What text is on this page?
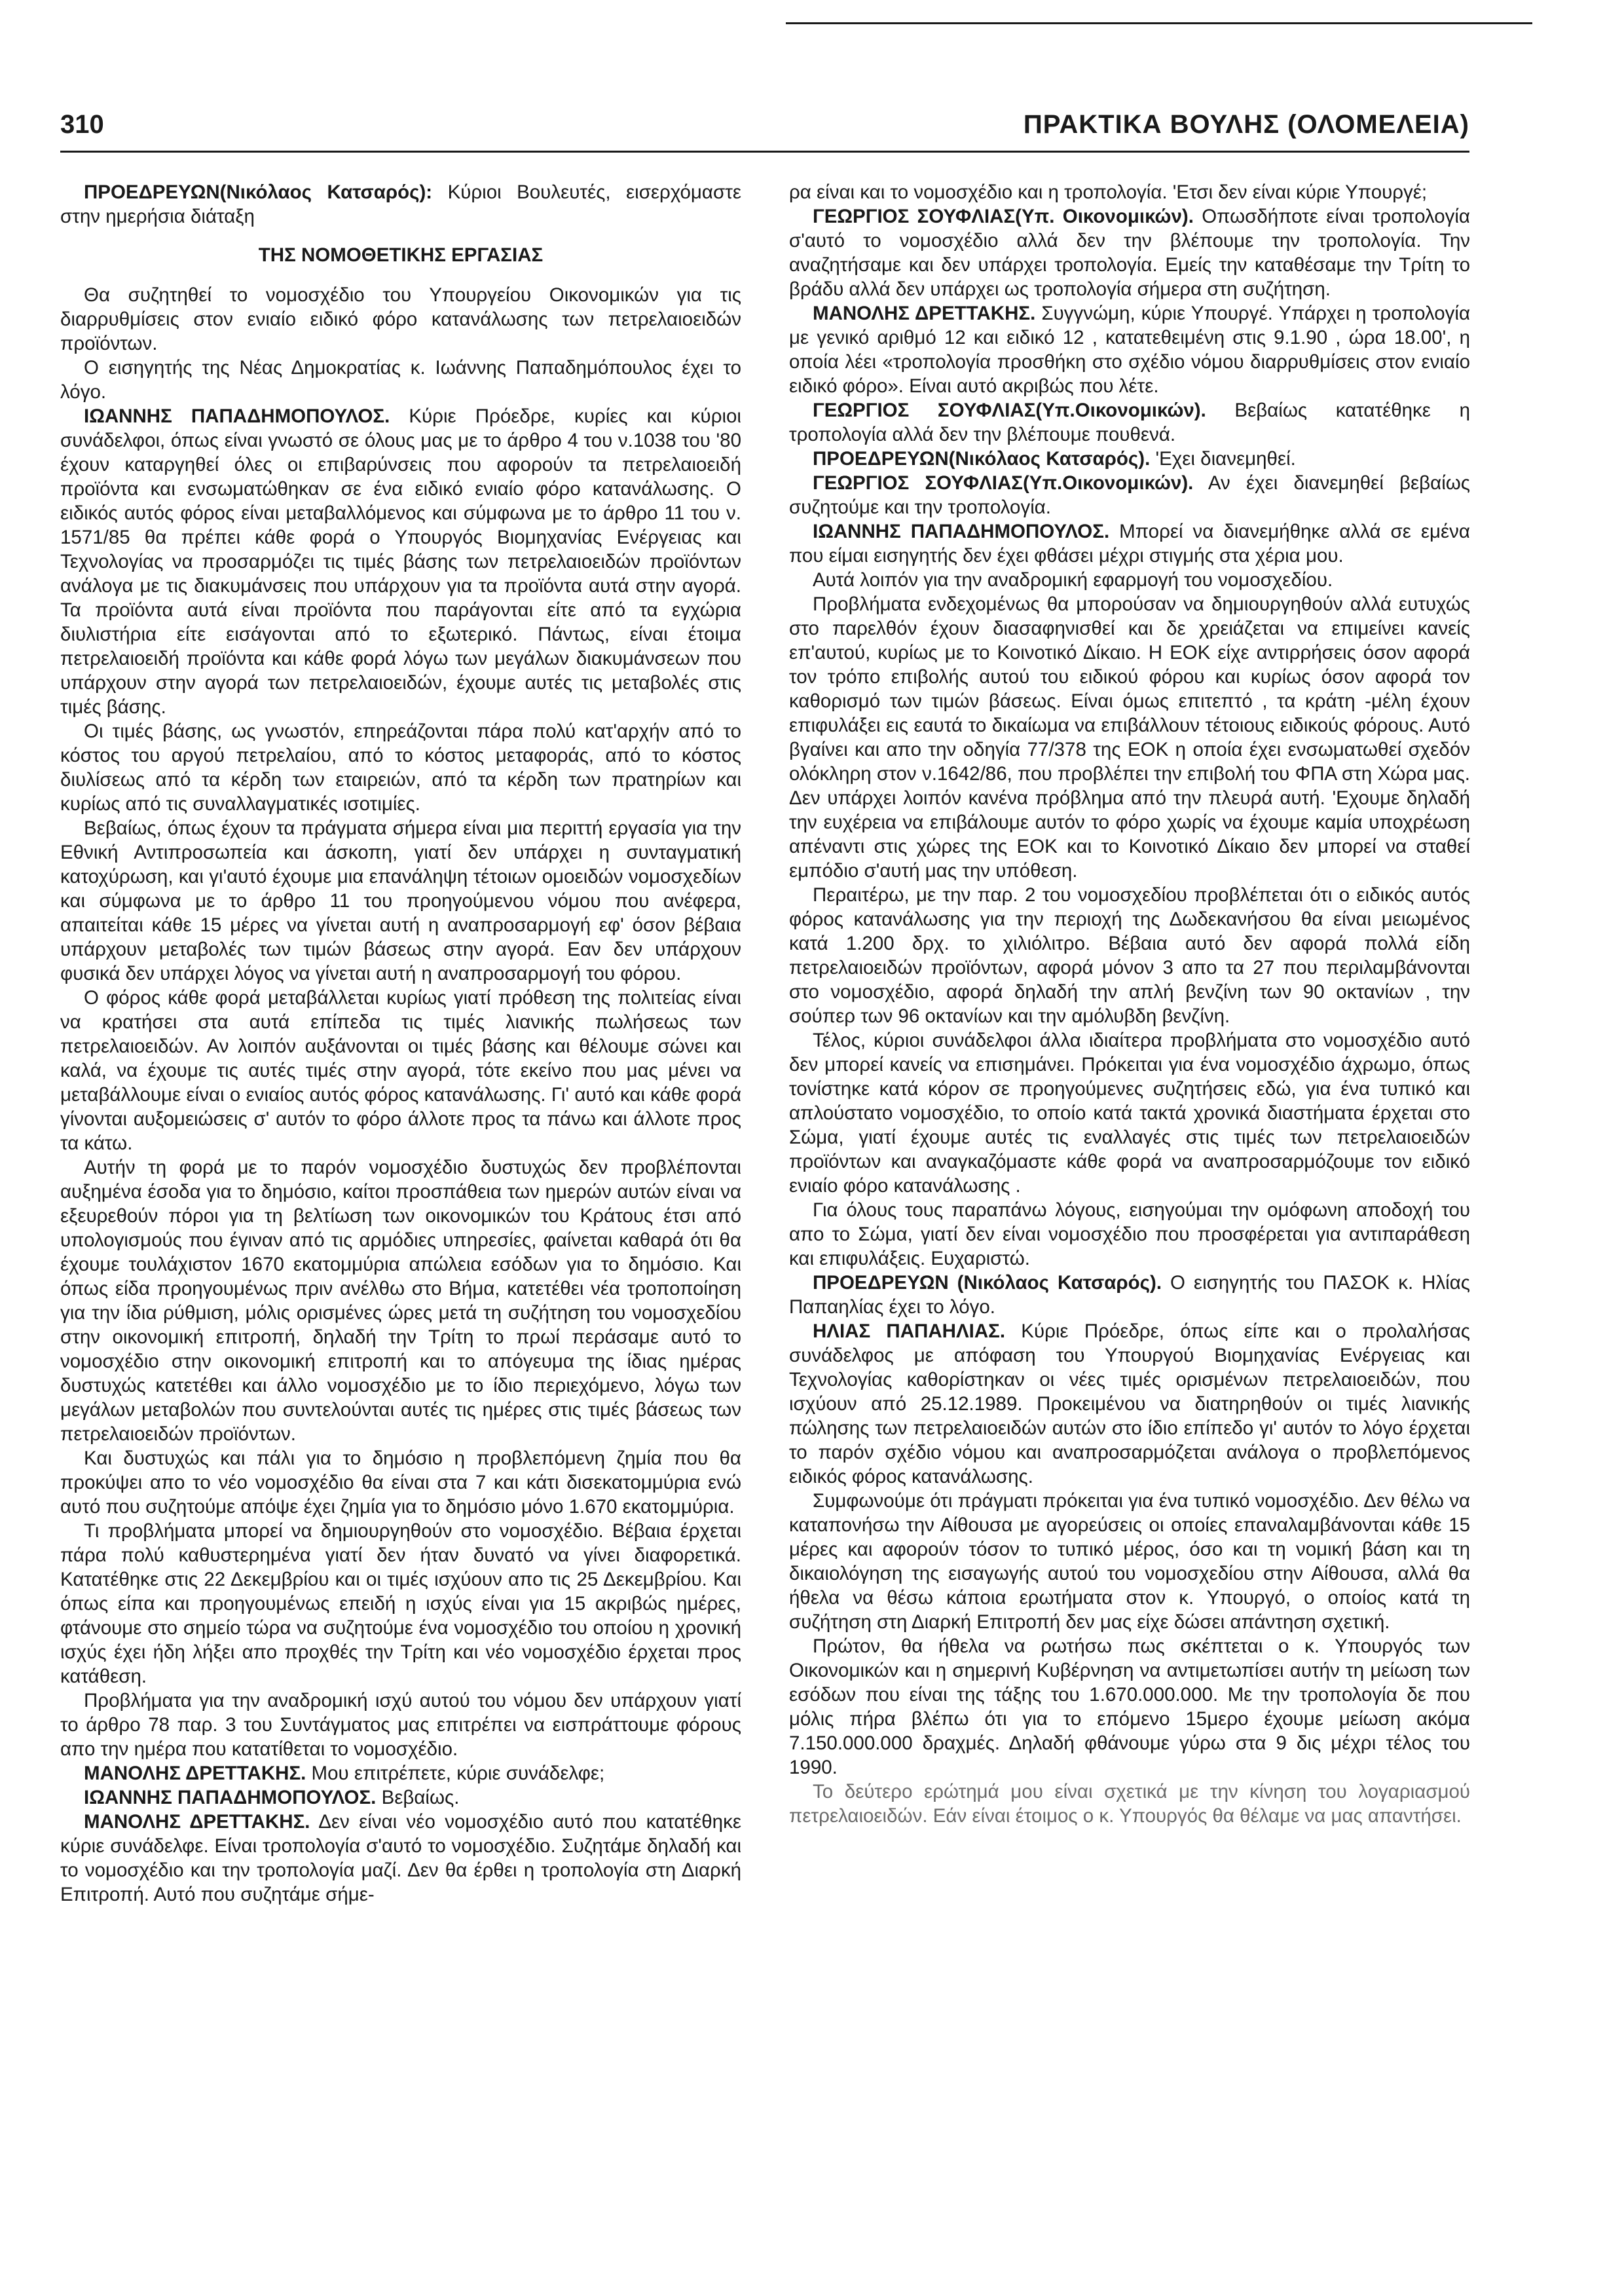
310	ΠΡΑΚΤΙΚΑ ΒΟΥΛΗΣ (ΟΛΟΜΕΛΕΙΑ)

ΠΡΟΕΔΡΕΥΩΝ(Νικόλαος Κατσαρός): Κύριοι Βουλευτές, εισερχόμαστε στην ημερήσια διάταξη

ΤΗΣ ΝΟΜΟΘΕΤΙΚΗΣ ΕΡΓΑΣΙΑΣ

Θα συζητηθεί το νομοσχέδιο του Υπουργείου Οικονομικών για τις διαρρυθμίσεις στον ενιαίο ειδικό φόρο κατανάλωσης των πετρελαιοειδών προϊόντων.

Ο εισηγητής της Νέας Δημοκρατίας κ. Ιωάννης Παπαδημόπουλος έχει το λόγο.

ΙΩΑΝΝΗΣ ΠΑΠΑΔΗΜΟΠΟΥΛΟΣ. Κύριε Πρόεδρε, κυρίες και κύριοι συνάδελφοι, όπως είναι γνωστό σε όλους μας με το άρθρο 4 του ν.1038 του '80 έχουν καταργηθεί όλες οι επιβαρύνσεις που αφορούν τα πετρελαιοειδή προϊόντα και ενσωματώθηκαν σε ένα ειδικό ενιαίο φόρο κατανάλωσης. Ο ειδικός αυτός φόρος είναι μεταβαλλόμενος και σύμφωνα με το άρθρο 11 του ν. 1571/85 θα πρέπει κάθε φορά ο Υπουργός Βιομηχανίας Ενέργειας και Τεχνολογίας να προσαρμόζει τις τιμές βάσης των πετρελαιοειδών προϊόντων ανάλογα με τις διακυμάνσεις που υπάρχουν για τα προϊόντα αυτά στην αγορά. Τα προϊόντα αυτά είναι προϊόντα που παράγονται είτε από τα εγχώρια διυλιστήρια είτε εισάγονται από το εξωτερικό. Πάντως, είναι έτοιμα πετρελαιοειδή προϊόντα και κάθε φορά λόγω των μεγάλων διακυμάνσεων που υπάρχουν στην αγορά των πετρελαιοειδών, έχουμε αυτές τις μεταβολές στις τιμές βάσης.

Οι τιμές βάσης, ως γνωστόν, επηρεάζονται πάρα πολύ κατ'αρχήν από το κόστος του αργού πετρελαίου, από το κόστος μεταφοράς, από το κόστος διυλίσεως από τα κέρδη των εταιρειών, από τα κέρδη των πρατηρίων και κυρίως από τις συναλλαγματικές ισοτιμίες.

Βεβαίως, όπως έχουν τα πράγματα σήμερα είναι μια περιττή εργασία για την Εθνική Αντιπροσωπεία και άσκοπη, γιατί δεν υπάρχει η συνταγματική κατοχύρωση, και γι'αυτό έχουμε μια επανάληψη τέτοιων ομοειδών νομοσχεδίων και σύμφωνα με το άρθρο 11 του προηγούμενου νόμου που ανέφερα, απαιτείται κάθε 15 μέρες να γίνεται αυτή η αναπροσαρμογή εφ' όσον βέβαια υπάρχουν μεταβολές των τιμών βάσεως στην αγορά. Εαν δεν υπάρχουν φυσικά δεν υπάρχει λόγος να γίνεται αυτή η αναπροσαρμογή του φόρου.

Ο φόρος κάθε φορά μεταβάλλεται κυρίως γιατί πρόθεση της πολιτείας είναι να κρατήσει στα αυτά επίπεδα τις τιμές λιανικής πωλήσεως των πετρελαιοειδών. Αν λοιπόν αυξάνονται οι τιμές βάσης και θέλουμε σώνει και καλά, να έχουμε τις αυτές τιμές στην αγορά, τότε εκείνο που μας μένει να μεταβάλλουμε είναι ο ενιαίος αυτός φόρος κατανάλωσης. Γι' αυτό και κάθε φορά γίνονται αυξομειώσεις σ' αυτόν το φόρο άλλοτε προς τα πάνω και άλλοτε προς τα κάτω.

Αυτήν τη φορά με το παρόν νομοσχέδιο δυστυχώς δεν προβλέπονται αυξημένα έσοδα για το δημόσιο, καίτοι προσπάθεια των ημερών αυτών είναι να εξευρεθούν πόροι για τη βελτίωση των οικονομικών του Κράτους έτσι από υπολογισμούς που έγιναν από τις αρμόδιες υπηρεσίες, φαίνεται καθαρά ότι θα έχουμε τουλάχιστον 1670 εκατομμύρια απώλεια εσόδων για το δημόσιο. Και όπως είδα προηγουμένως πριν ανέλθω στο Βήμα, κατετέθει νέα τροποποίηση για την ίδια ρύθμιση, μόλις ορισμένες ώρες μετά τη συζήτηση του νομοσχεδίου στην οικονομική επιτροπή, δηλαδή την Τρίτη το πρωί περάσαμε αυτό το νομοσχέδιο στην οικονομική επιτροπή και το απόγευμα της ίδιας ημέρας δυστυχώς κατετέθει και άλλο νομοσχέδιο με το ίδιο περιεχόμενο, λόγω των μεγάλων μεταβολών που συντελούνται αυτές τις ημέρες στις τιμές βάσεως των πετρελαιοειδών προϊόντων.

Και δυστυχώς και πάλι για το δημόσιο η προβλεπόμενη ζημία που θα προκύψει απο το νέο νομοσχέδιο θα είναι στα 7 και κάτι δισεκατομμύρια ενώ αυτό που συζητούμε απόψε έχει ζημία για το δημόσιο μόνο 1.670 εκατομμύρια.

Τι προβλήματα μπορεί να δημιουργηθούν στο νομοσχέδιο. Βέβαια έρχεται πάρα πολύ καθυστερημένα γιατί δεν ήταν δυνατό να γίνει διαφορετικά. Κατατέθηκε στις 22 Δεκεμβρίου και οι τιμές ισχύουν απο τις 25 Δεκεμβρίου. Και όπως είπα και προηγουμένως επειδή η ισχύς είναι για 15 ακριβώς ημέρες, φτάνουμε στο σημείο τώρα να συζητούμε ένα νομοσχέδιο του οποίου η χρονική ισχύς έχει ήδη λήξει απο προχθές την Τρίτη και νέο νομοσχέδιο έρχεται προς κατάθεση.

Προβλήματα για την αναδρομική ισχύ αυτού του νόμου δεν υπάρχουν γιατί το άρθρο 78 παρ. 3 του Συντάγματος μας επιτρέπει να εισπράττουμε φόρους απο την ημέρα που κατατίθεται το νομοσχέδιο.

ΜΑΝΟΛΗΣ ΔΡΕΤΤΑΚΗΣ. Μου επιτρέπετε, κύριε συνάδελφε;

ΙΩΑΝΝΗΣ ΠΑΠΑΔΗΜΟΠΟΥΛΟΣ. Βεβαίως.

ΜΑΝΟΛΗΣ ΔΡΕΤΤΑΚΗΣ. Δεν είναι νέο νομοσχέδιο αυτό που κατατέθηκε κύριε συνάδελφε. Είναι τροπολογία σ'αυτό το νομοσχέδιο. Συζητάμε δηλαδή και το νομοσχέδιο και την τροπολογία μαζί. Δεν θα έρθει η τροπολογία στη Διαρκή Επιτροπή. Αυτό που συζητάμε σήμε-

ρα είναι και το νομοσχέδιο και η τροπολογία. 'Ετσι δεν είναι κύριε Υπουργέ;

ΓΕΩΡΓΙΟΣ ΣΟΥΦΛΙΑΣ(Υπ. Οικονομικών). Οπωσδήποτε είναι τροπολογία σ'αυτό το νομοσχέδιο αλλά δεν την βλέπουμε την τροπολογία. Την αναζητήσαμε και δεν υπάρχει τροπολογία. Εμείς την καταθέσαμε την Τρίτη το βράδυ αλλά δεν υπάρχει ως τροπολογία σήμερα στη συζήτηση.

ΜΑΝΟΛΗΣ ΔΡΕΤΤΑΚΗΣ. Συγγνώμη, κύριε Υπουργέ. Υπάρχει η τροπολογία με γενικό αριθμό 12 και ειδικό 12 , κατατεθειμένη στις 9.1.90 , ώρα 18.00', η οποία λέει «τροπολογία προσθήκη στο σχέδιο νόμου διαρρυθμίσεις στον ενιαίο ειδικό φόρο». Είναι αυτό ακριβώς που λέτε.

ΓΕΩΡΓΙΟΣ ΣΟΥΦΛΙΑΣ(Υπ.Οικονομικών). Βεβαίως κατατέθηκε η τροπολογία αλλά δεν την βλέπουμε πουθενά.

ΠΡΟΕΔΡΕΥΩΝ(Νικόλαος Κατσαρός). 'Εχει διανεμηθεί.

ΓΕΩΡΓΙΟΣ ΣΟΥΦΛΙΑΣ(Υπ.Οικονομικών). Αν έχει διανεμηθεί βεβαίως συζητούμε και την τροπολογία.

ΙΩΑΝΝΗΣ ΠΑΠΑΔΗΜΟΠΟΥΛΟΣ. Μπορεί να διανεμήθηκε αλλά σε εμένα που είμαι εισηγητής δεν έχει φθάσει μέχρι στιγμής στα χέρια μου.

Αυτά λοιπόν για την αναδρομική εφαρμογή του νομοσχεδίου.

Προβλήματα ενδεχομένως θα μπορούσαν να δημιουργηθούν αλλά ευτυχώς στο παρελθόν έχουν διασαφηνισθεί και δε χρειάζεται να επιμείνει κανείς επ'αυτού, κυρίως με το Κοινοτικό Δίκαιο. Η ΕΟΚ είχε αντιρρήσεις όσον αφορά τον τρόπο επιβολής αυτού του ειδικού φόρου και κυρίως όσον αφορά τον καθορισμό των τιμών βάσεως. Είναι όμως επιτεπτό , τα κράτη -μέλη έχουν επιφυλάξει εις εαυτά το δικαίωμα να επιβάλλουν τέτοιους ειδικούς φόρους. Αυτό βγαίνει και απο την οδηγία 77/378 της ΕΟΚ η οποία έχει ενσωματωθεί σχεδόν ολόκληρη στον ν.1642/86, που προβλέπει την επιβολή του ΦΠΑ στη Χώρα μας. Δεν υπάρχει λοιπόν κανένα πρόβλημα από την πλευρά αυτή. 'Εχουμε δηλαδή την ευχέρεια να επιβάλουμε αυτόν το φόρο χωρίς να έχουμε καμία υποχρέωση απέναντι στις χώρες της ΕΟΚ και το Κοινοτικό Δίκαιο δεν μπορεί να σταθεί εμπόδιο σ'αυτή μας την υπόθεση.

Περαιτέρω, με την παρ. 2 του νομοσχεδίου προβλέπεται ότι ο ειδικός αυτός φόρος κατανάλωσης για την περιοχή της Δωδεκανήσου θα είναι μειωμένος κατά 1.200 δρχ. το χιλιόλιτρο. Βέβαια αυτό δεν αφορά πολλά είδη πετρελαιοειδών προϊόντων, αφορά μόνον 3 απο τα 27 που περιλαμβάνονται στο νομοσχέδιο, αφορά δηλαδή την απλή βενζίνη των 90 οκτανίων , την σούπερ των 96 οκτανίων και την αμόλυβδη βενζίνη.

Τέλος, κύριοι συνάδελφοι άλλα ιδιαίτερα προβλήματα στο νομοσχέδιο αυτό δεν μπορεί κανείς να επισημάνει. Πρόκειται για ένα νομοσχέδιο άχρωμο, όπως τονίστηκε κατά κόρον σε προηγούμενες συζητήσεις εδώ, για ένα τυπικό και απλούστατο νομοσχέδιο, το οποίο κατά τακτά χρονικά διαστήματα έρχεται στο Σώμα, γιατί έχουμε αυτές τις εναλλαγές στις τιμές των πετρελαιοειδών προϊόντων και αναγκαζόμαστε κάθε φορά να αναπροσαρμόζουμε τον ειδικό ενιαίο φόρο κατανάλωσης .

Για όλους τους παραπάνω λόγους, εισηγούμαι την ομόφωνη αποδοχή του απο το Σώμα, γιατί δεν είναι νομοσχέδιο που προσφέρεται για αντιπαράθεση και επιφυλάξεις. Ευχαριστώ.

ΠΡΟΕΔΡΕΥΩΝ (Νικόλαος Κατσαρός). Ο εισηγητής του ΠΑΣΟΚ κ. Ηλίας Παπαηλίας έχει το λόγο.

ΗΛΙΑΣ ΠΑΠΑΗΛΙΑΣ. Κύριε Πρόεδρε, όπως είπε και ο προλαλήσας συνάδελφος με απόφαση του Υπουργού Βιομηχανίας Ενέργειας και Τεχνολογίας καθορίστηκαν οι νέες τιμές ορισμένων πετρελαιοειδών, που ισχύουν από 25.12.1989. Προκειμένου να διατηρηθούν οι τιμές λιανικής πώλησης των πετρελαιοειδών αυτών στο ίδιο επίπεδο γι' αυτόν το λόγο έρχεται το παρόν σχέδιο νόμου και αναπροσαρμόζεται ανάλογα ο προβλεπόμενος ειδικός φόρος κατανάλωσης.

Συμφωνούμε ότι πράγματι πρόκειται για ένα τυπικό νομοσχέδιο. Δεν θέλω να καταπονήσω την Αίθουσα με αγορεύσεις οι οποίες επαναλαμβάνονται κάθε 15 μέρες και αφορούν τόσον το τυπικό μέρος, όσο και τη νομική βάση και τη δικαιολόγηση της εισαγωγής αυτού του νομοσχεδίου στην Αίθουσα, αλλά θα ήθελα να θέσω κάποια ερωτήματα στον κ. Υπουργό, ο οποίος κατά τη συζήτηση στη Διαρκή Επιτροπή δεν μας είχε δώσει απάντηση σχετική.

Πρώτον, θα ήθελα να ρωτήσω πως σκέπτεται ο κ. Υπουργός των Οικονομικών και η σημερινή Κυβέρνηση να αντιμετωπίσει αυτήν τη μείωση των εσόδων που είναι της τάξης του 1.670.000.000. Με την τροπολογία δε που μόλις πήρα βλέπω ότι για το επόμενο 15μερο έχουμε μείωση ακόμα 7.150.000.000 δραχμές. Δηλαδή φθάνουμε γύρω στα 9 δις μέχρι τέλος του 1990.

Το δεύτερο ερώτημά μου είναι σχετικά με την κίνηση του λογαριασμού πετρελαιοειδών. Εάν είναι έτοιμος ο κ. Υπουργός θα θέλαμε να μας απαντήσει.
